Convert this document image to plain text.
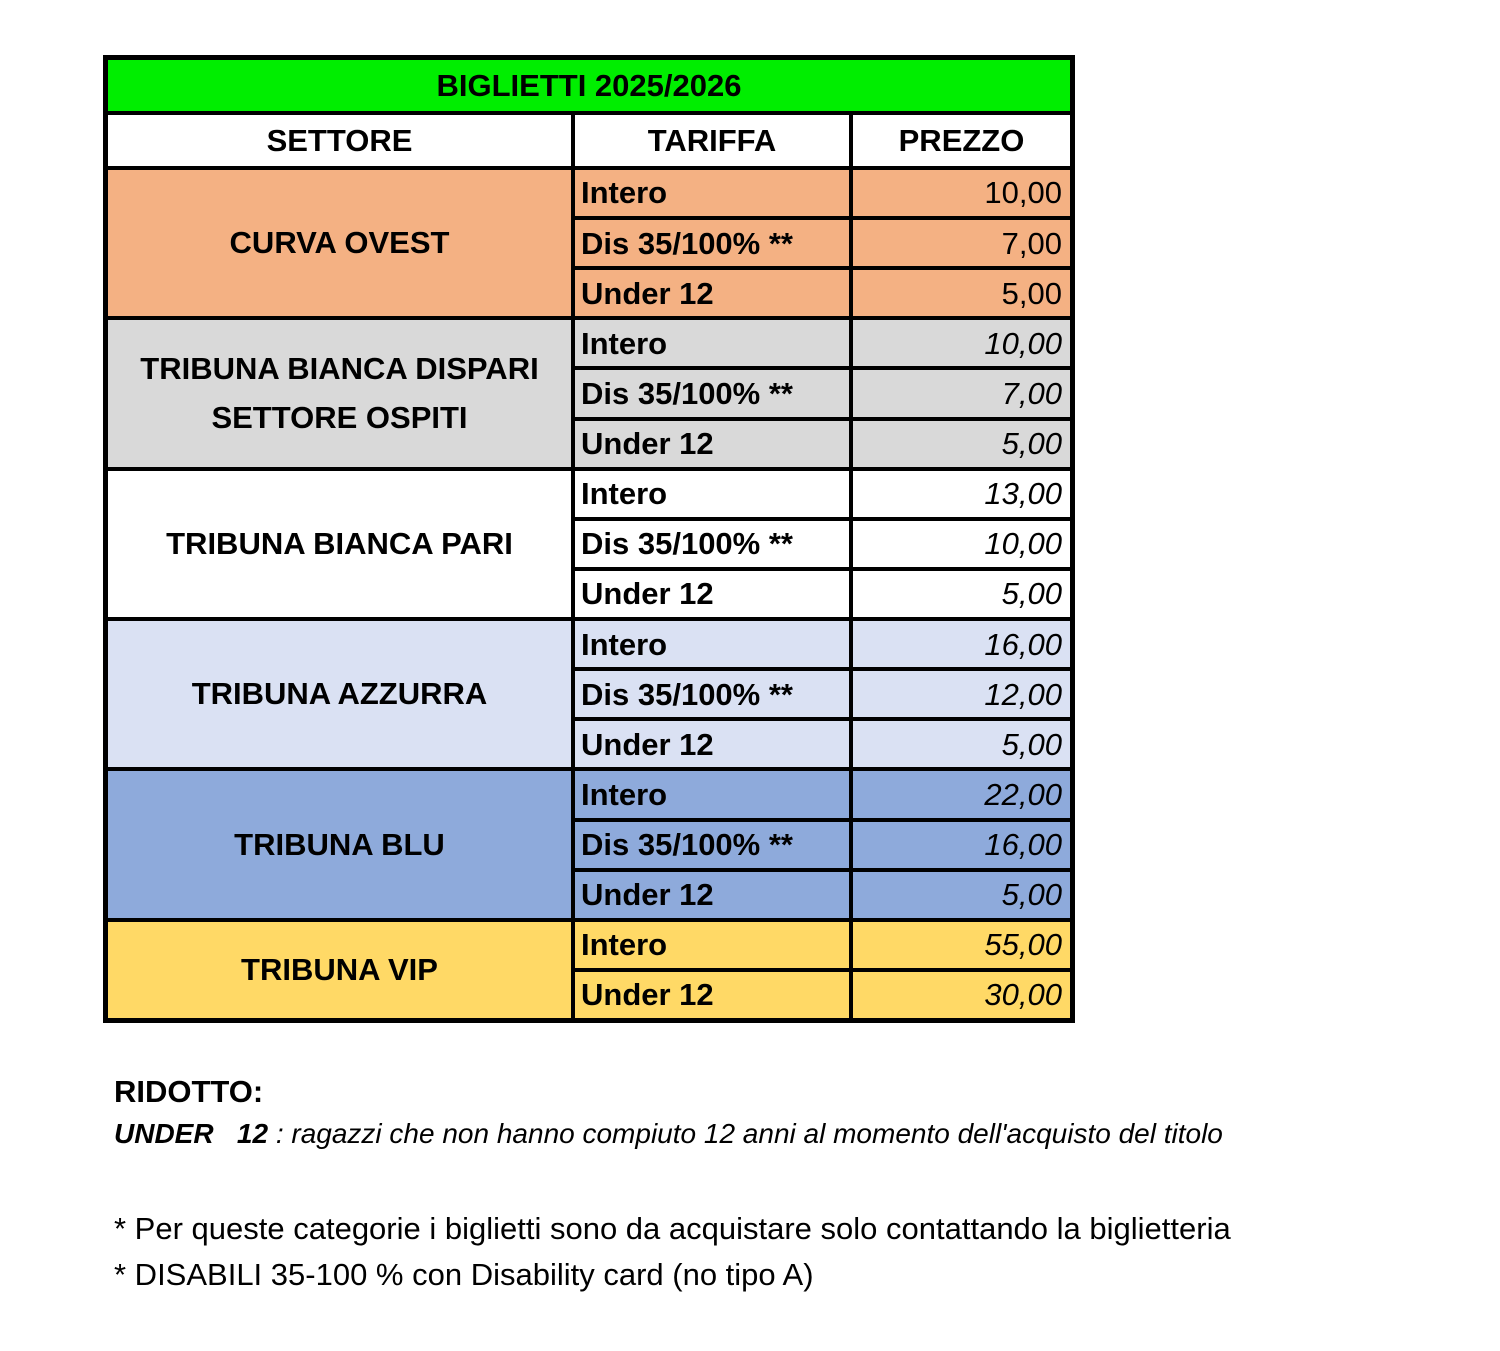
BIGLIETTI 2025/2026
SETTORE	TARIFFA	PREZZO
CURVA OVEST
Intero	10,00
Dis 35/100% **	7,00
Under 12	5,00
TRIBUNA BIANCA DISPARI
SETTORE OSPITI
Intero	10,00
Dis 35/100% **	7,00
Under 12	5,00
TRIBUNA BIANCA PARI
Intero	13,00
Dis 35/100% **	10,00
Under 12	5,00
TRIBUNA AZZURRA
Intero	16,00
Dis 35/100% **	12,00
Under 12	5,00
TRIBUNA BLU
Intero	22,00
Dis 35/100% **	16,00
Under 12	5,00
TRIBUNA VIP
Intero	55,00
Under 12	30,00
RIDOTTO:
UNDER   12 : ragazzi che non hanno compiuto 12 anni al momento dell'acquisto del titolo
* Per queste categorie i biglietti sono da acquistare solo contattando la biglietteria
* DISABILI 35-100 % con Disability card (no tipo A)
